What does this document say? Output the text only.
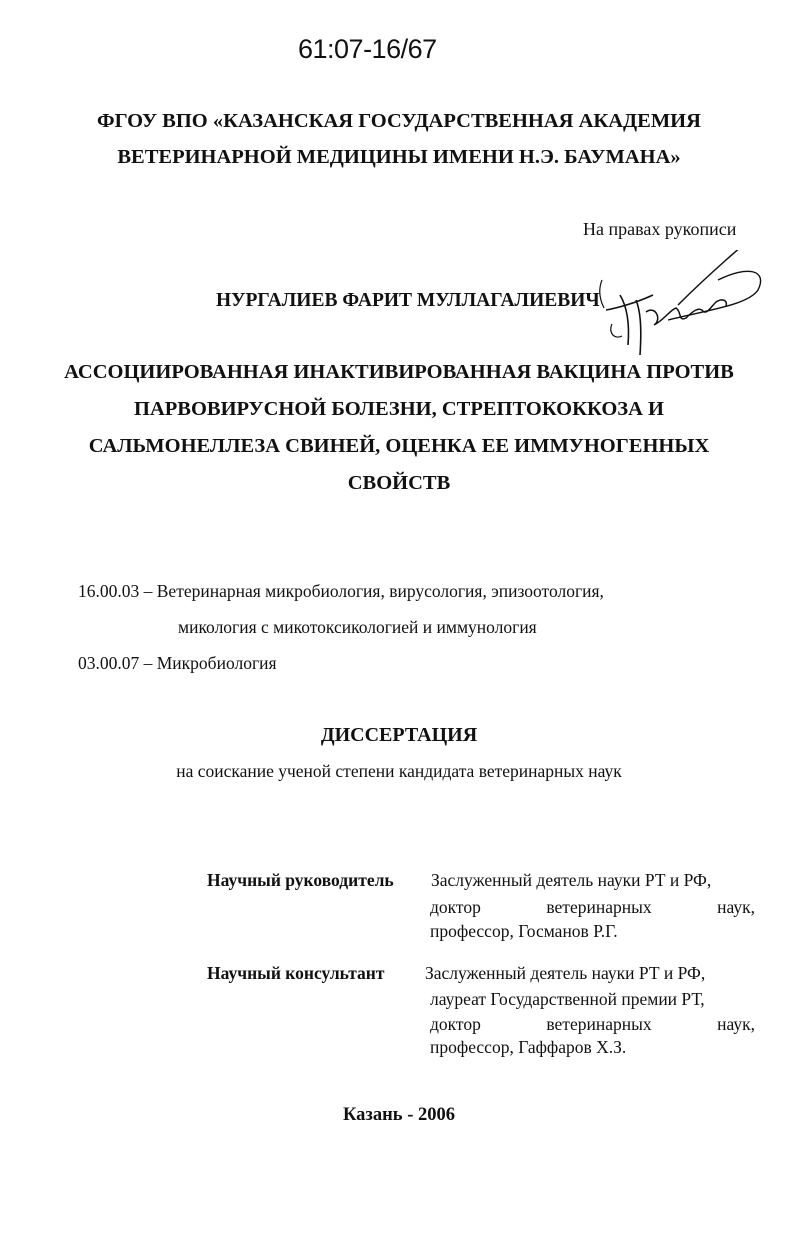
61:07-16/67
ФГОУ ВПО «КАЗАНСКАЯ ГОСУДАРСТВЕННАЯ АКАДЕМИЯ
ВЕТЕРИНАРНОЙ МЕДИЦИНЫ ИМЕНИ Н.Э. БАУМАНА»
На правах рукописи
НУРГАЛИЕВ ФАРИТ МУЛЛАГАЛИЕВИЧ
АССОЦИИРОВАННАЯ ИНАКТИВИРОВАННАЯ ВАКЦИНА ПРОТИВ
ПАРВОВИРУСНОЙ БОЛЕЗНИ, СТРЕПТОКОККОЗА И
САЛЬМОНЕЛЛЕЗА СВИНЕЙ, ОЦЕНКА ЕЕ ИММУНОГЕННЫХ
СВОЙСТВ
16.00.03 – Ветеринарная микробиология, вирусология, эпизоотология,
микология с микотоксикологией и иммунология
03.00.07 – Микробиология
ДИССЕРТАЦИЯ
на соискание ученой степени кандидата ветеринарных наук
Научный руководитель Заслуженный деятель науки РТ и РФ,
доктор ветеринарных наук,
профессор, Госманов Р.Г.
Научный консультант Заслуженный деятель науки РТ и РФ,
лауреат Государственной премии РТ,
доктор ветеринарных наук,
профессор, Гаффаров Х.З.
Казань - 2006
